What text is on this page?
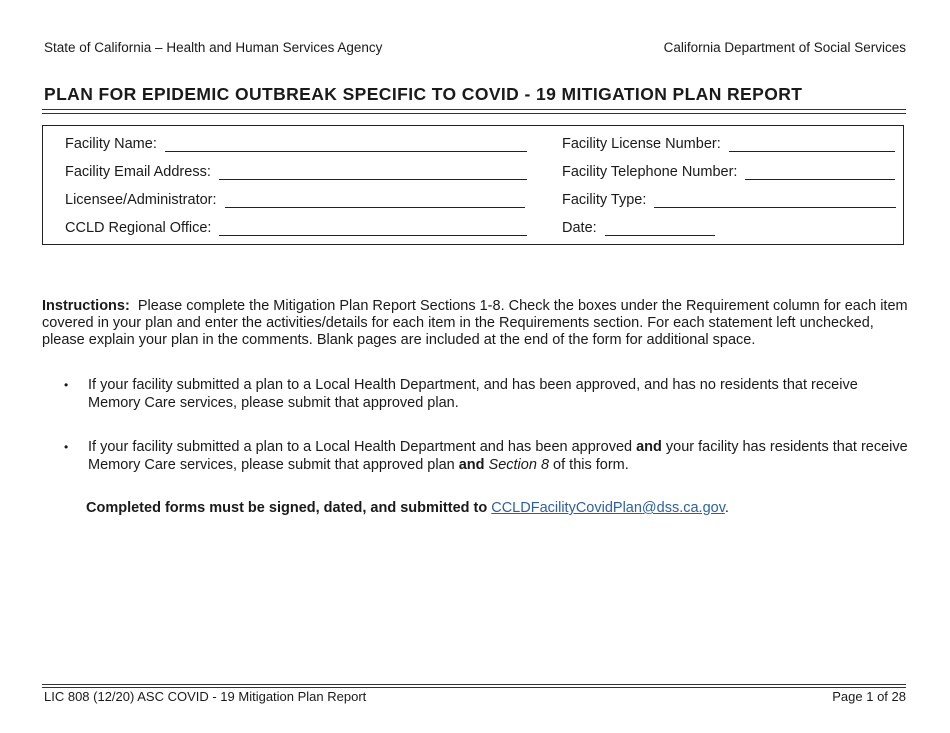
State of California – Health and Human Services Agency	California Department of Social Services
PLAN FOR EPIDEMIC OUTBREAK SPECIFIC TO COVID - 19 MITIGATION PLAN REPORT
Facility Name:
Facility Email Address:
Licensee/Administrator:
CCLD Regional Office:
Facility License Number:
Facility Telephone Number:
Facility Type:
Date:
Instructions: Please complete the Mitigation Plan Report Sections 1-8. Check the boxes under the Requirement column for each item covered in your plan and enter the activities/details for each item in the Requirements section. For each statement left unchecked, please explain your plan in the comments. Blank pages are included at the end of the form for additional space.
• If your facility submitted a plan to a Local Health Department, and has been approved, and has no residents that receive Memory Care services, please submit that approved plan.
• If your facility submitted a plan to a Local Health Department and has been approved and your facility has residents that receive Memory Care services, please submit that approved plan and Section 8 of this form.
Completed forms must be signed, dated, and submitted to CCLDFacilityCovidPlan@dss.ca.gov.
LIC 808 (12/20) ASC COVID - 19 Mitigation Plan Report	Page 1 of 28
